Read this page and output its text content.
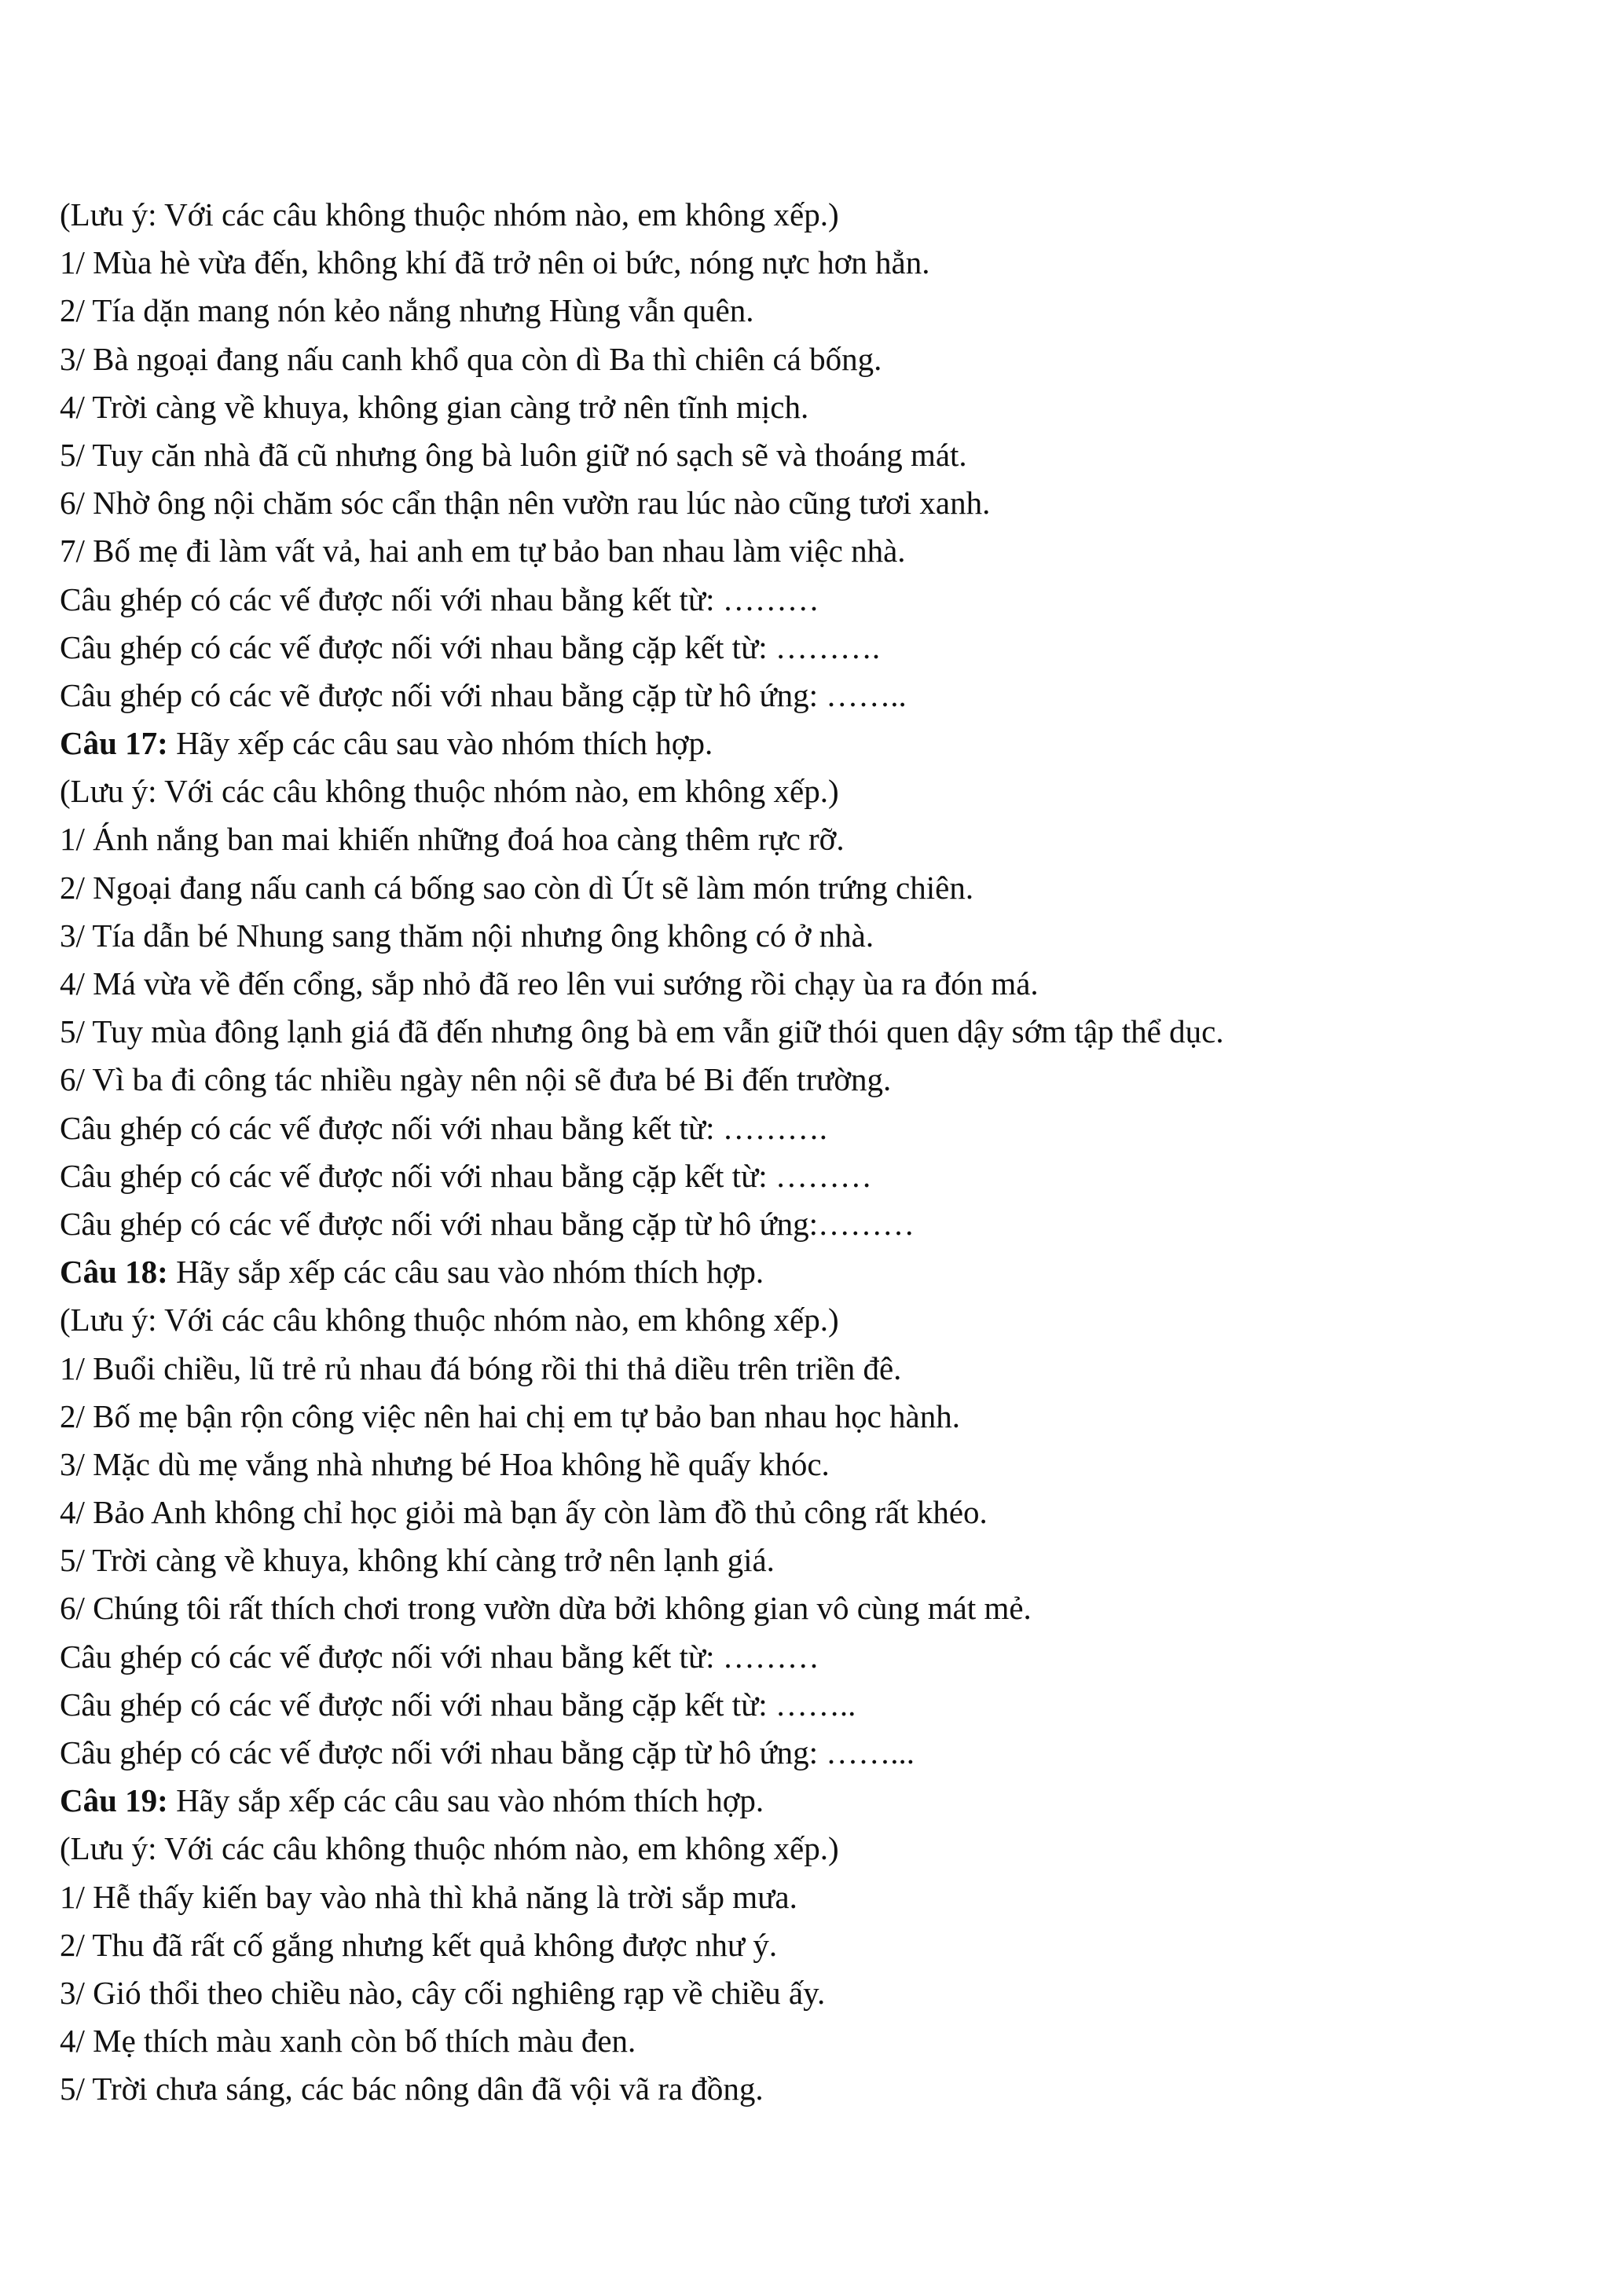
(Lưu ý: Với các câu không thuộc nhóm nào, em không xếp.)
1/ Mùa hè vừa đến, không khí đã trở nên oi bức, nóng nực hơn hẳn.
2/ Tía dặn mang nón kẻo nắng nhưng Hùng vẫn quên.
3/ Bà ngoại đang nấu canh khổ qua còn dì Ba thì chiên cá bống.
4/ Trời càng về khuya, không gian càng trở nên tĩnh mịch.
5/ Tuy căn nhà đã cũ nhưng ông bà luôn giữ nó sạch sẽ và thoáng mát.
6/ Nhờ ông nội chăm sóc cẩn thận nên vườn rau lúc nào cũng tươi xanh.
7/ Bố mẹ đi làm vất vả, hai anh em tự bảo ban nhau làm việc nhà.
Câu ghép có các vế được nối với nhau bằng kết từ: ………
Câu ghép có các vế được nối với nhau bằng cặp kết từ: ……….
Câu ghép có các vẽ được nối với nhau bằng cặp từ hô ứng: ……..
Câu 17: Hãy xếp các câu sau vào nhóm thích hợp.
(Lưu ý: Với các câu không thuộc nhóm nào, em không xếp.)
1/ Ánh nắng ban mai khiến những đoá hoa càng thêm rực rỡ.
2/ Ngoại đang nấu canh cá bống sao còn dì Út sẽ làm món trứng chiên.
3/ Tía dẫn bé Nhung sang thăm nội nhưng ông không có ở nhà.
4/ Má vừa về đến cổng, sắp nhỏ đã reo lên vui sướng rồi chạy ùa ra đón má.
5/ Tuy mùa đông lạnh giá đã đến nhưng ông bà em vẫn giữ thói quen dậy sớm tập thể dục.
6/ Vì ba đi công tác nhiều ngày nên nội sẽ đưa bé Bi đến trường.
Câu ghép có các vế được nối với nhau bằng kết từ: ……….
Câu ghép có các vế được nối với nhau bằng cặp kết từ: ………
Câu ghép có các vế được nối với nhau bằng cặp từ hô ứng:………
Câu 18: Hãy sắp xếp các câu sau vào nhóm thích hợp.
(Lưu ý: Với các câu không thuộc nhóm nào, em không xếp.)
1/ Buổi chiều, lũ trẻ rủ nhau đá bóng rồi thi thả diều trên triền đê.
2/ Bố mẹ bận rộn công việc nên hai chị em tự bảo ban nhau học hành.
3/ Mặc dù mẹ vắng nhà nhưng bé Hoa không hề quấy khóc.
4/ Bảo Anh không chỉ học giỏi mà bạn ấy còn làm đồ thủ công rất khéo.
5/ Trời càng về khuya, không khí càng trở nên lạnh giá.
6/ Chúng tôi rất thích chơi trong vườn dừa bởi không gian vô cùng mát mẻ.
Câu ghép có các vế được nối với nhau bằng kết từ: ………
Câu ghép có các vế được nối với nhau bằng cặp kết từ: ……..
Câu ghép có các vế được nối với nhau bằng cặp từ hô ứng: ……...
Câu 19: Hãy sắp xếp các câu sau vào nhóm thích hợp.
(Lưu ý: Với các câu không thuộc nhóm nào, em không xếp.)
1/ Hễ thấy kiến bay vào nhà thì khả năng là trời sắp mưa.
2/ Thu đã rất cố gắng nhưng kết quả không được như ý.
3/ Gió thổi theo chiều nào, cây cối nghiêng rạp về chiều ấy.
4/ Mẹ thích màu xanh còn bố thích màu đen.
5/ Trời chưa sáng, các bác nông dân đã vội vã ra đồng.
